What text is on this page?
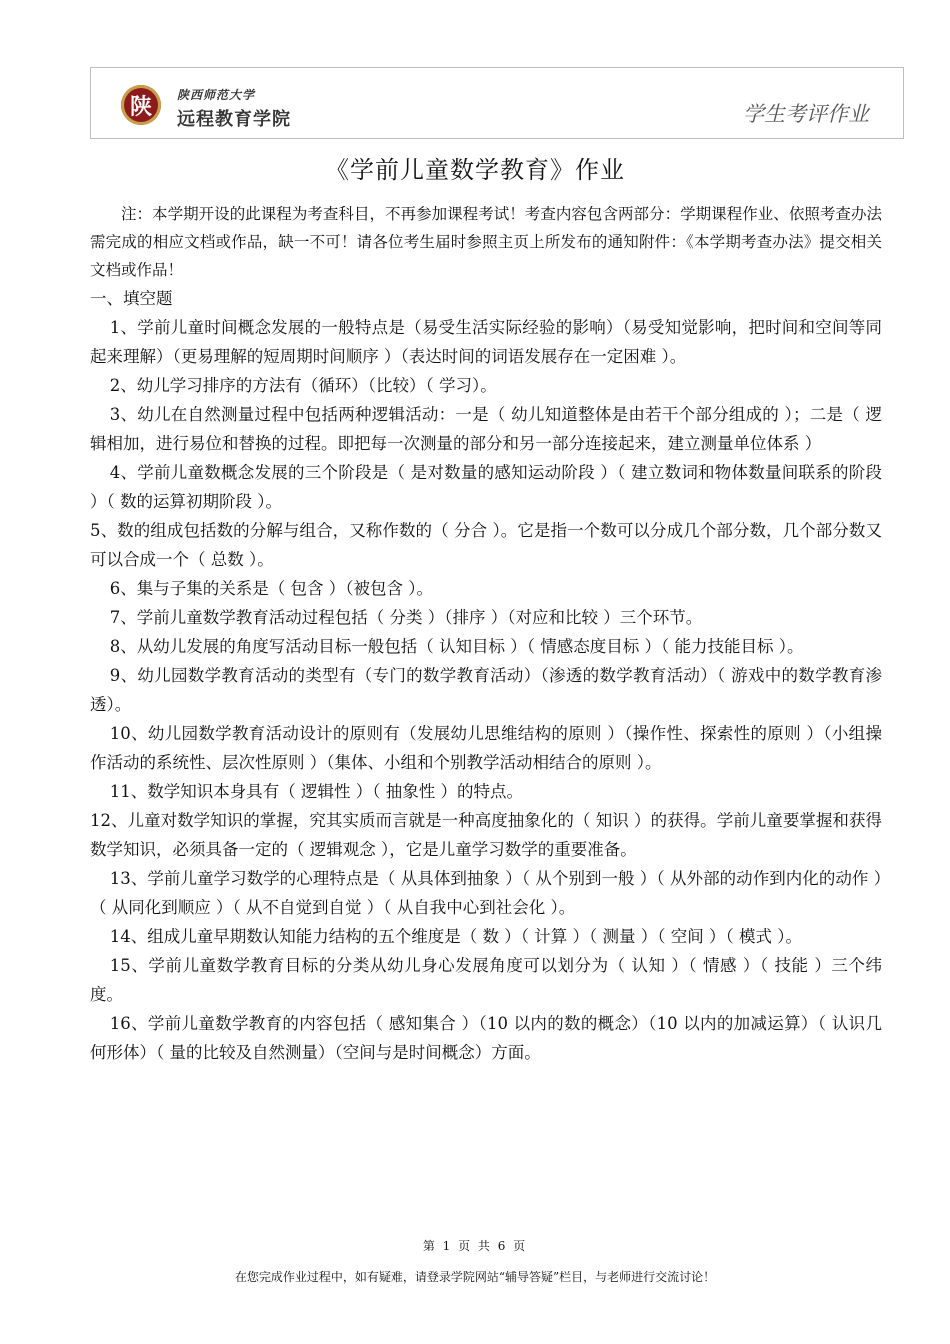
陕 陕西师范大学
远程教育学院	学生考评作业
《学前儿童数学教育》作业

注：本学期开设的此课程为考查科目，不再参加课程考试！考查内容包含两部分：学期课程作业、依照考查办法需完成的相应文档或作品，缺一不可！请各位考生届时参照主页上所发布的通知附件：《本学期考查办法》提交相关文档或作品！

一、填空题

1、学前儿童时间概念发展的一般特点是（易受生活实际经验的影响）（易受知觉影响，把时间和空间等同起来理解）（更易理解的短周期时间顺序 ）（表达时间的词语发展存在一定困难 ）。

2、幼儿学习排序的方法有（循环）（比较）（ 学习）。

3、幼儿在自然测量过程中包括两种逻辑活动：一是（ 幼儿知道整体是由若干个部分组成的 ）；二是（ 逻辑相加，进行易位和替换的过程。即把每一次测量的部分和另一部分连接起来，建立测量单位体系 ）

4、学前儿童数概念发展的三个阶段是（ 是对数量的感知运动阶段 ）（ 建立数词和物体数量间联系的阶段 ）（ 数的运算初期阶段 ）。

5、数的组成包括数的分解与组合，又称作数的（ 分合 ）。它是指一个数可以分成几个部分数，几个部分数又可以合成一个（ 总数 ）。

6、集与子集的关系是（ 包含 ）（被包含 ）。

7、学前儿童数学教育活动过程包括（ 分类 ）（排序 ）（对应和比较 ）三个环节。

8、从幼儿发展的角度写活动目标一般包括（ 认知目标 ）（ 情感态度目标 ）（ 能力技能目标 ）。

9、幼儿园数学教育活动的类型有（专门的数学教育活动）（渗透的数学教育活动）（ 游戏中的数学教育渗透）。

10、幼儿园数学教育活动设计的原则有（发展幼儿思维结构的原则 ）（操作性、探索性的原则 ）（小组操作活动的系统性、层次性原则 ）（集体、小组和个别教学活动相结合的原则 ）。

11、数学知识本身具有（ 逻辑性 ）（ 抽象性 ）的特点。

12、儿童对数学知识的掌握，究其实质而言就是一种高度抽象化的（ 知识 ）的获得。学前儿童要掌握和获得数学知识，必须具备一定的（ 逻辑观念 ），它是儿童学习数学的重要准备。

13、学前儿童学习数学的心理特点是（ 从具体到抽象 ）（ 从个别到一般 ）（ 从外部的动作到内化的动作 ）（ 从同化到顺应 ）（ 从不自觉到自觉 ）（ 从自我中心到社会化 ）。

14、组成儿童早期数认知能力结构的五个维度是（ 数 ）（ 计算 ）（ 测量 ）（ 空间 ）（ 模式 ）。

15、学前儿童数学教育目标的分类从幼儿身心发展角度可以划分为（ 认知 ）（ 情感 ）（ 技能 ）三个纬度。

16、学前儿童数学教育的内容包括（ 感知集合 ）（10 以内的数的概念）（10 以内的加减运算）（ 认识几何形体）（ 量的比较及自然测量）（空间与是时间概念）方面。

第 1 页 共 6 页
在您完成作业过程中，如有疑难，请登录学院网站“辅导答疑”栏目，与老师进行交流讨论！
